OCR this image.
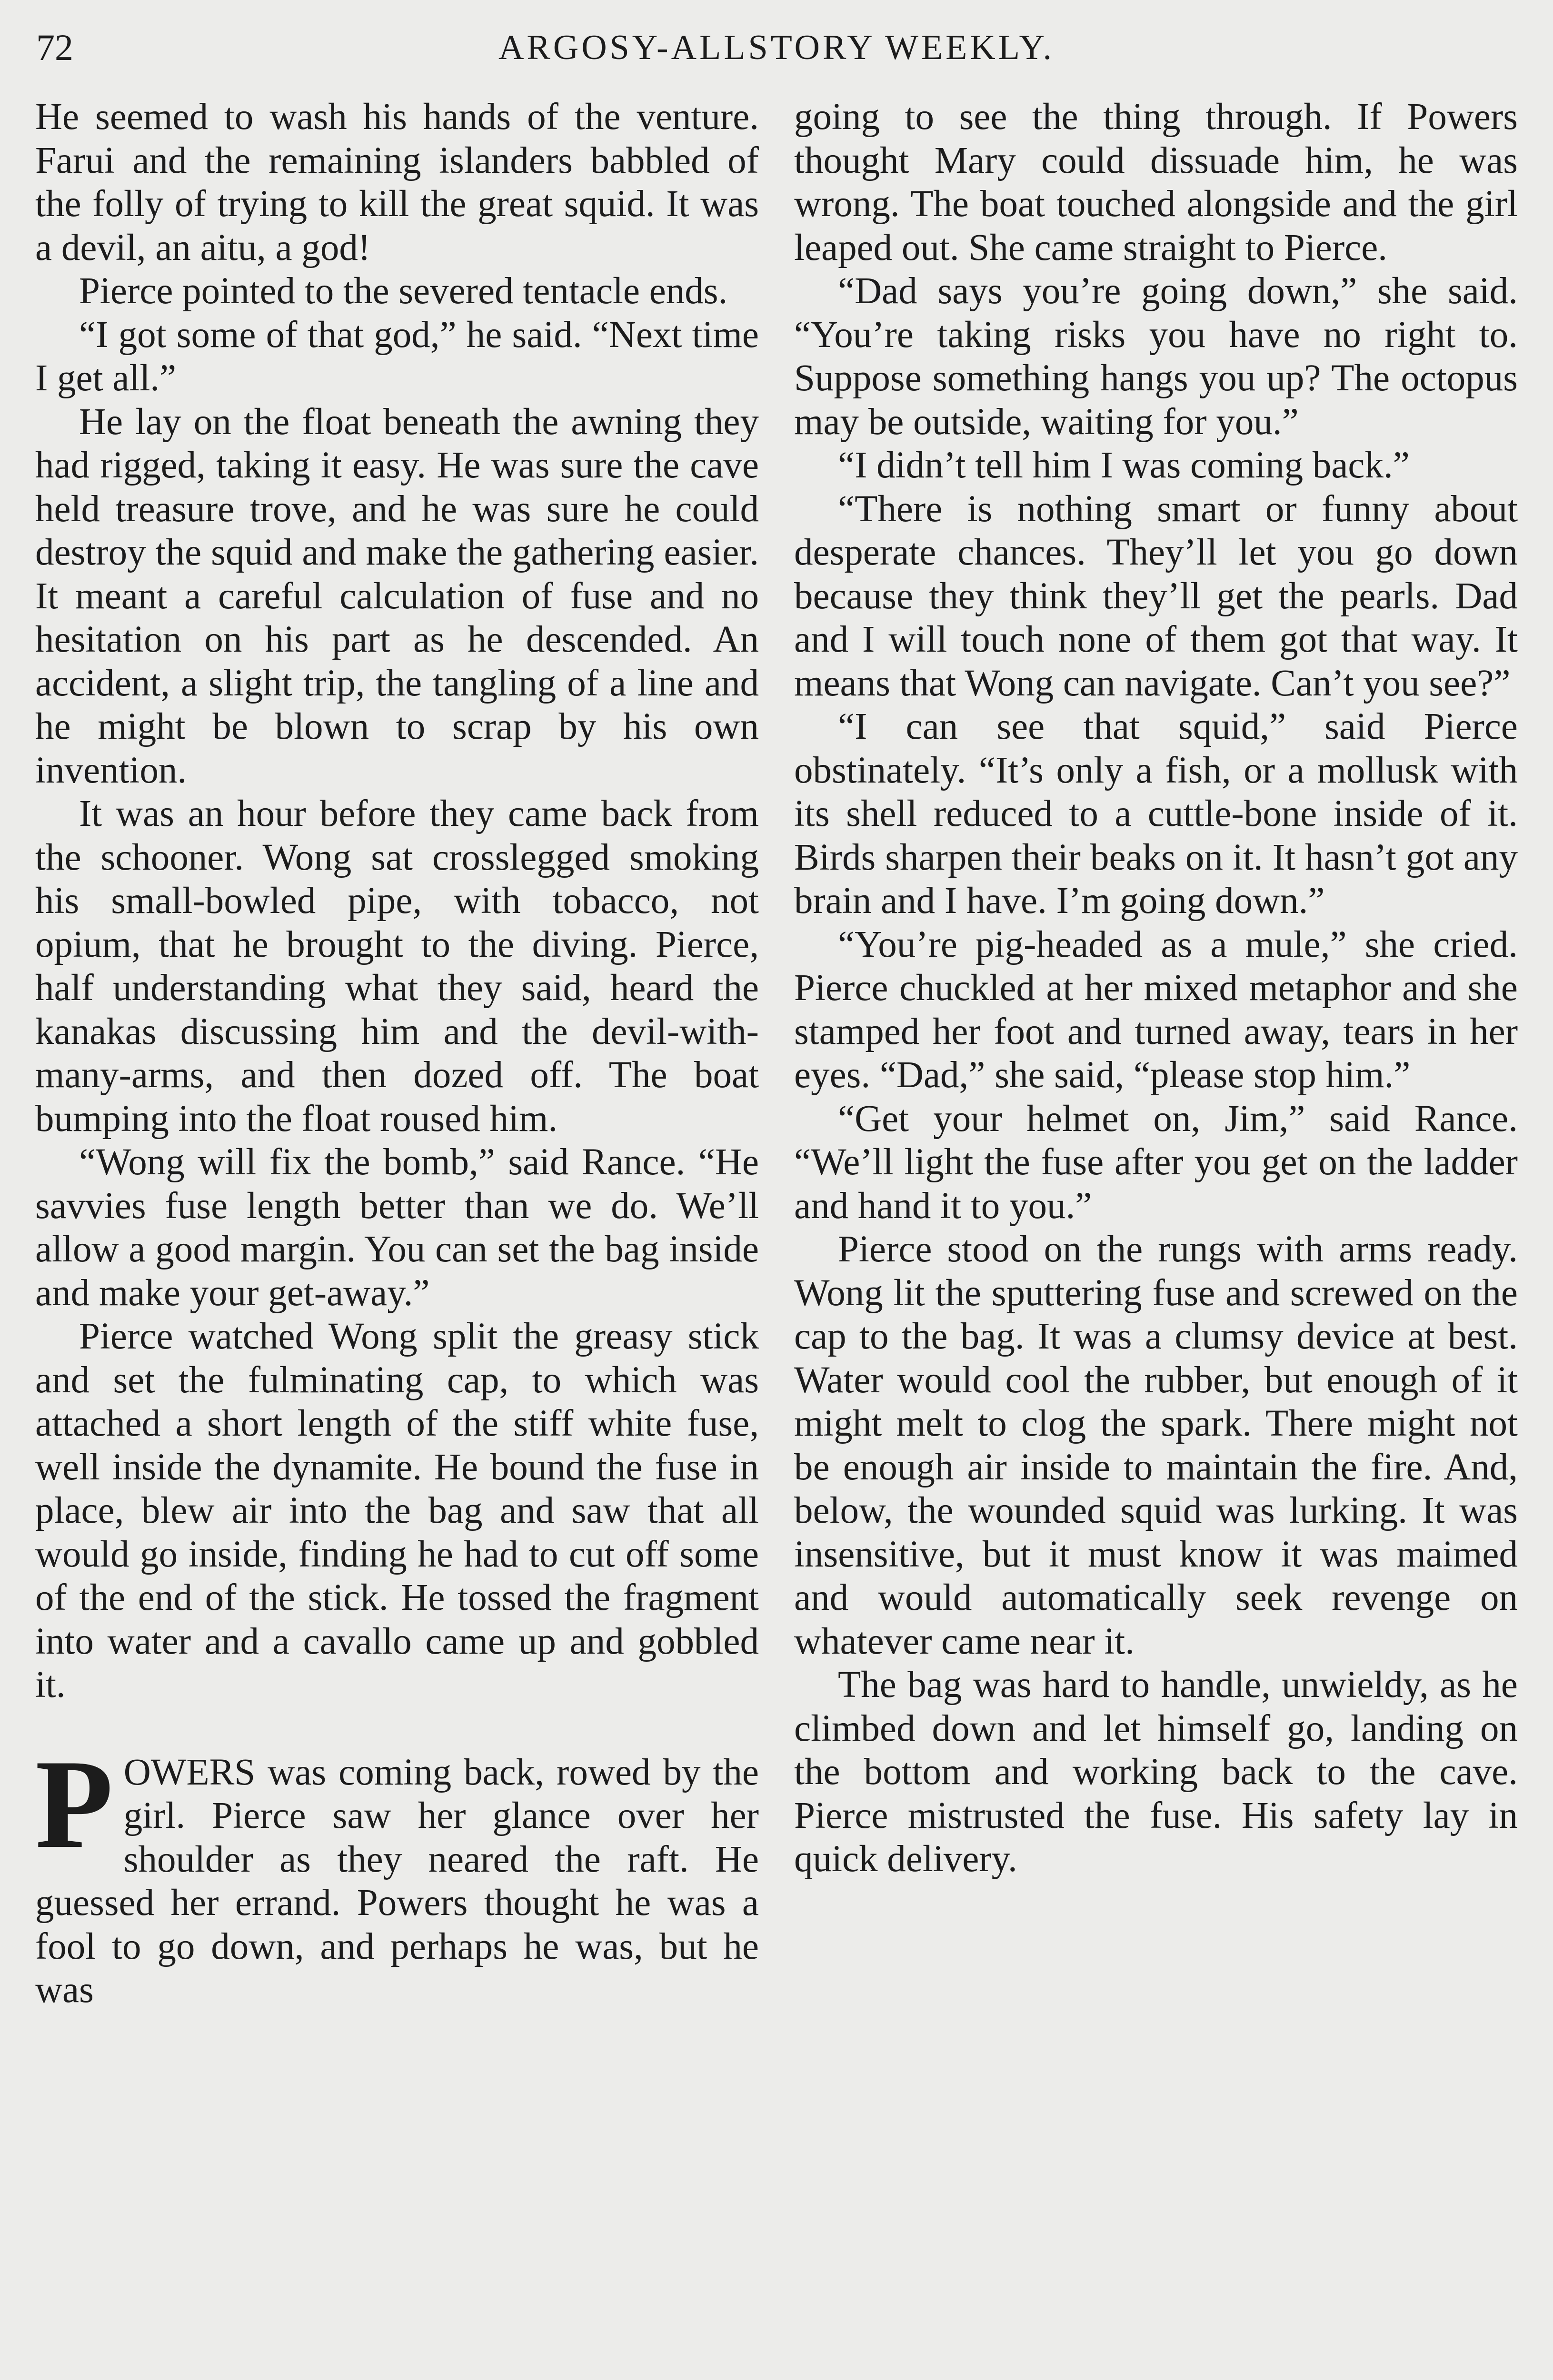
72	ARGOSY-ALLSTORY WEEKLY.

He seemed to wash his hands of the venture. Farui and the remaining islanders babbled of the folly of trying to kill the great squid. It was a devil, an aitu, a god!

Pierce pointed to the severed tentacle ends.

“I got some of that god,” he said. “Next time I get all.”

He lay on the float beneath the awning they had rigged, taking it easy. He was sure the cave held treasure trove, and he was sure he could destroy the squid and make the gathering easier. It meant a careful calculation of fuse and no hesitation on his part as he descended. An accident, a slight trip, the tangling of a line and he might be blown to scrap by his own invention.

It was an hour before they came back from the schooner. Wong sat crosslegged smoking his small-bowled pipe, with tobacco, not opium, that he brought to the diving. Pierce, half understanding what they said, heard the kanakas discussing him and the devil-with-many-arms, and then dozed off. The boat bumping into the float roused him.

“Wong will fix the bomb,” said Rance. “He savvies fuse length better than we do. We’ll allow a good margin. You can set the bag inside and make your get-away.”

Pierce watched Wong split the greasy stick and set the fulminating cap, to which was attached a short length of the stiff white fuse, well inside the dynamite. He bound the fuse in place, blew air into the bag and saw that all would go inside, finding he had to cut off some of the end of the stick. He tossed the fragment into water and a cavallo came up and gobbled it.

POWERS was coming back, rowed by the girl. Pierce saw her glance over her shoulder as they neared the raft. He guessed her errand. Powers thought he was a fool to go down, and perhaps he was, but he was

going to see the thing through. If Powers thought Mary could dissuade him, he was wrong. The boat touched alongside and the girl leaped out. She came straight to Pierce.

“Dad says you’re going down,” she said. “You’re taking risks you have no right to. Suppose something hangs you up? The octopus may be outside, waiting for you.”

“I didn’t tell him I was coming back.”

“There is nothing smart or funny about desperate chances. They’ll let you go down because they think they’ll get the pearls. Dad and I will touch none of them got that way. It means that Wong can navigate. Can’t you see?”

“I can see that squid,” said Pierce obstinately. “It’s only a fish, or a mollusk with its shell reduced to a cuttle-bone inside of it. Birds sharpen their beaks on it. It hasn’t got any brain and I have. I’m going down.”

“You’re pig-headed as a mule,” she cried. Pierce chuckled at her mixed metaphor and she stamped her foot and turned away, tears in her eyes. “Dad,” she said, “please stop him.”

“Get your helmet on, Jim,” said Rance. “We’ll light the fuse after you get on the ladder and hand it to you.”

Pierce stood on the rungs with arms ready. Wong lit the sputtering fuse and screwed on the cap to the bag. It was a clumsy device at best. Water would cool the rubber, but enough of it might melt to clog the spark. There might not be enough air inside to maintain the fire. And, below, the wounded squid was lurking. It was insensitive, but it must know it was maimed and would automatically seek revenge on whatever came near it.

The bag was hard to handle, unwieldy, as he climbed down and let himself go, landing on the bottom and working back to the cave. Pierce mistrusted the fuse. His safety lay in quick delivery.
